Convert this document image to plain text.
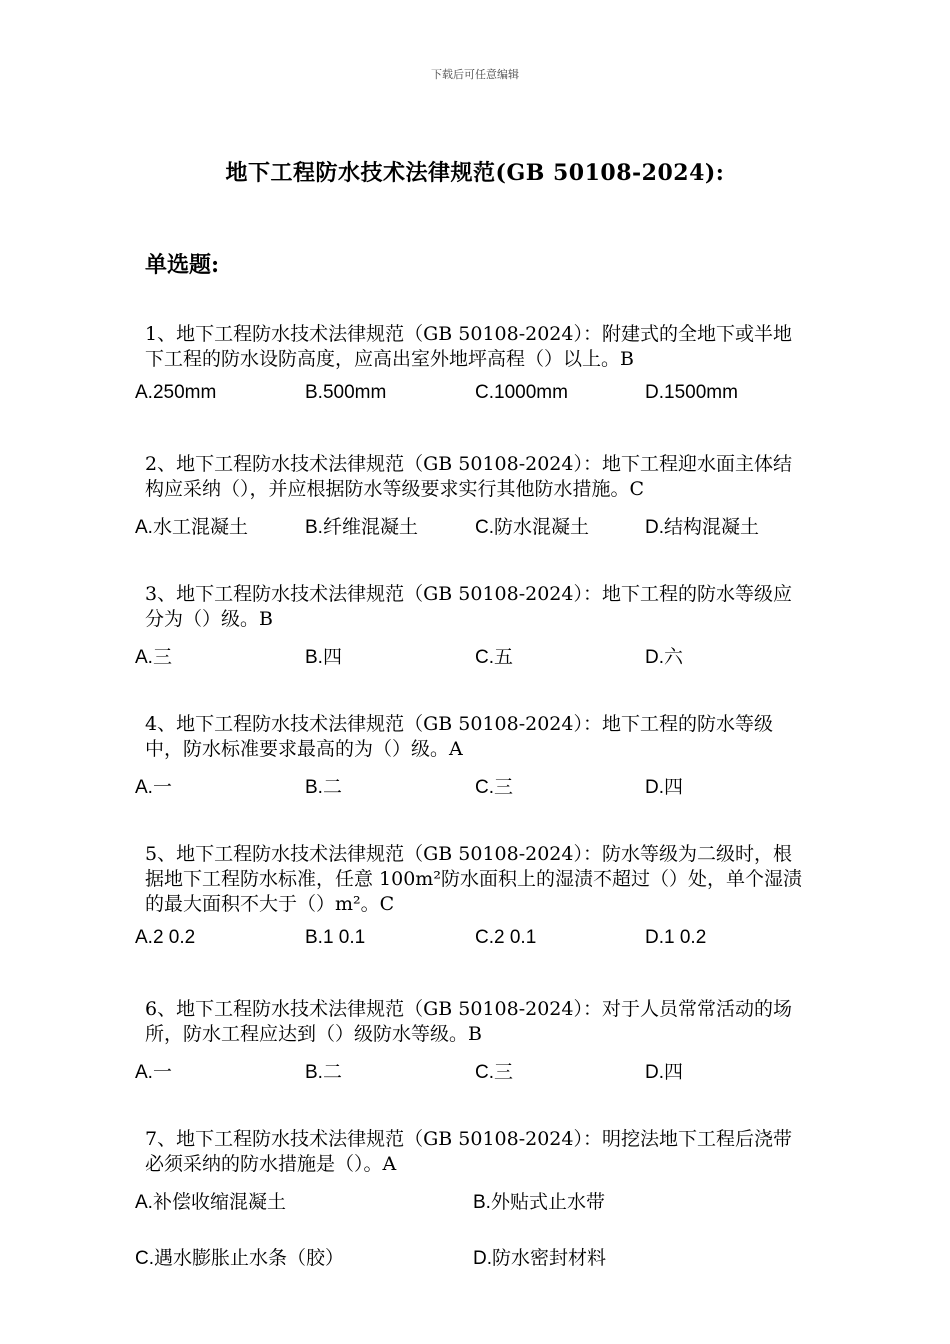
下载后可任意编辑
地下工程防水技术法律规范(GB 50108-2024):
单选题:
1、地下工程防水技术法律规范（GB 50108-2024）：附建式的全地下或半地下工程的防水设防高度，应高出室外地坪高程（）以上。B
A.250mm	B.500mm	C.1000mm	D.1500mm
2、地下工程防水技术法律规范（GB 50108-2024）：地下工程迎水面主体结构应采纳（），并应根据防水等级要求实行其他防水措施。C
A.水工混凝土	B.纤维混凝土	C.防水混凝土	D.结构混凝土
3、地下工程防水技术法律规范（GB 50108-2024）：地下工程的防水等级应分为（）级。B
A.三	B.四	C.五	D.六
4、地下工程防水技术法律规范（GB 50108-2024）：地下工程的防水等级中，防水标准要求最高的为（）级。A
A.一	B.二	C.三	D.四
5、地下工程防水技术法律规范（GB 50108-2024）：防水等级为二级时，根据地下工程防水标准，任意 100m²防水面积上的湿渍不超过（）处，单个湿渍的最大面积不大于（）m²。C
A.2 0.2	B.1 0.1	C.2 0.1	D.1 0.2
6、地下工程防水技术法律规范（GB 50108-2024）：对于人员常常活动的场所，防水工程应达到（）级防水等级。B
A.一	B.二	C.三	D.四
7、地下工程防水技术法律规范（GB 50108-2024）：明挖法地下工程后浇带必须采纳的防水措施是（）。A
A.补偿收缩混凝土	B.外贴式止水带
C.遇水膨胀止水条（胶）	D.防水密封材料
